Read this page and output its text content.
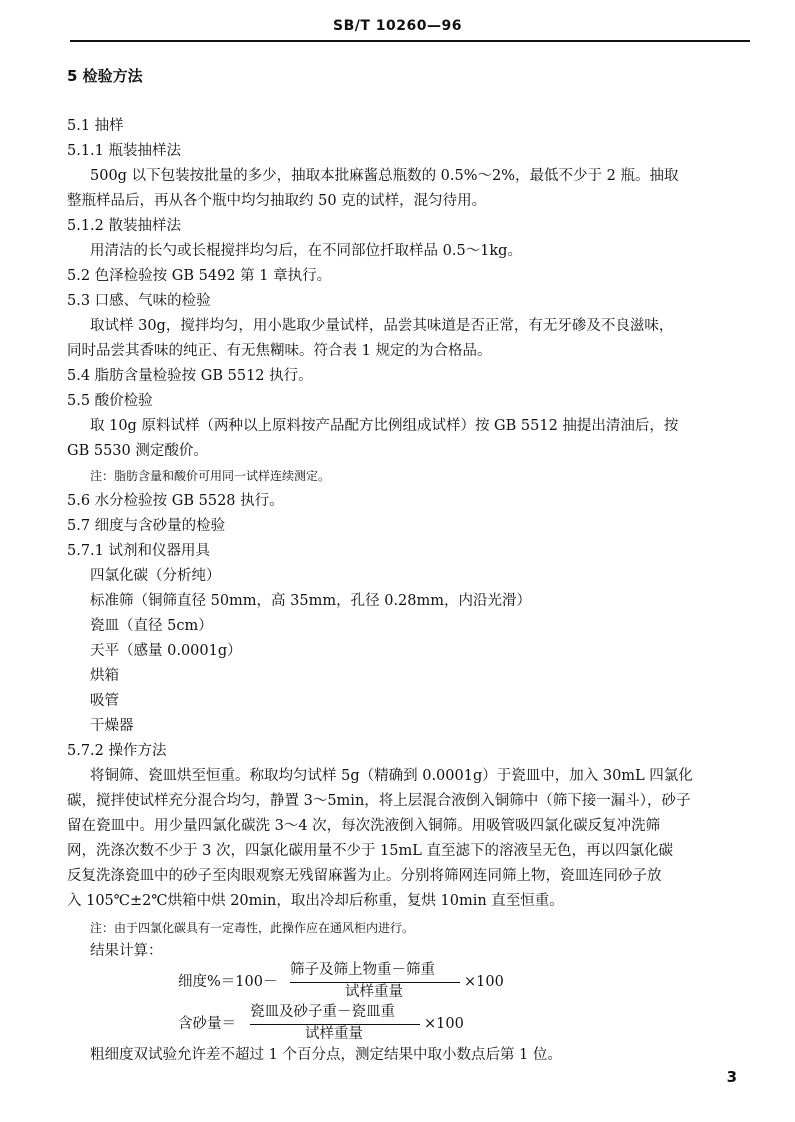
SB/T 10260—96
5 检验方法
5.1 抽样
5.1.1 瓶装抽样法
500g 以下包装按批量的多少，抽取本批麻酱总瓶数的 0.5%～2%，最低不少于 2 瓶。抽取
整瓶样品后，再从各个瓶中均匀抽取约 50 克的试样，混匀待用。
5.1.2 散装抽样法
用清洁的长勺或长棍搅拌均匀后，在不同部位扦取样品 0.5～1kg。
5.2 色泽检验按 GB 5492 第 1 章执行。
5.3 口感、气味的检验
取试样 30g，搅拌均匀，用小匙取少量试样，品尝其味道是否正常，有无牙碜及不良滋味，
同时品尝其香味的纯正、有无焦糊味。符合表 1 规定的为合格品。
5.4 脂肪含量检验按 GB 5512 执行。
5.5 酸价检验
取 10g 原料试样（两种以上原料按产品配方比例组成试样）按 GB 5512 抽提出清油后，按
GB 5530 测定酸价。
注：脂肪含量和酸价可用同一试样连续测定。
5.6 水分检验按 GB 5528 执行。
5.7 细度与含砂量的检验
5.7.1 试剂和仪器用具
四氯化碳（分析纯）
标准筛（铜筛直径 50mm，高 35mm，孔径 0.28mm，内沿光滑）
瓷皿（直径 5cm）
天平（感量 0.0001g）
烘箱
吸管
干燥器
5.7.2 操作方法
将铜筛、瓷皿烘至恒重。称取均匀试样 5g（精确到 0.0001g）于瓷皿中，加入 30mL 四氯化
碳，搅拌使试样充分混合均匀，静置 3～5min，将上层混合液倒入铜筛中（筛下接一漏斗），砂子
留在瓷皿中。用少量四氯化碳洗 3～4 次，每次洗液倒入铜筛。用吸管吸四氯化碳反复冲洗筛
网，洗涤次数不少于 3 次，四氯化碳用量不少于 15mL 直至滤下的溶液呈无色，再以四氯化碳
反复洗涤瓷皿中的砂子至肉眼观察无残留麻酱为止。分别将筛网连同筛上物，瓷皿连同砂子放
入 105℃±2℃烘箱中烘 20min，取出冷却后称重，复烘 10min 直至恒重。
注：由于四氯化碳具有一定毒性，此操作应在通风柜内进行。
结果计算：
细度%＝100－
筛子及筛上物重－筛重
试样重量
×100
含砂量＝
瓷皿及砂子重－瓷皿重
试样重量
×100
粗细度双试验允许差不超过 1 个百分点，测定结果中取小数点后第 1 位。
3
